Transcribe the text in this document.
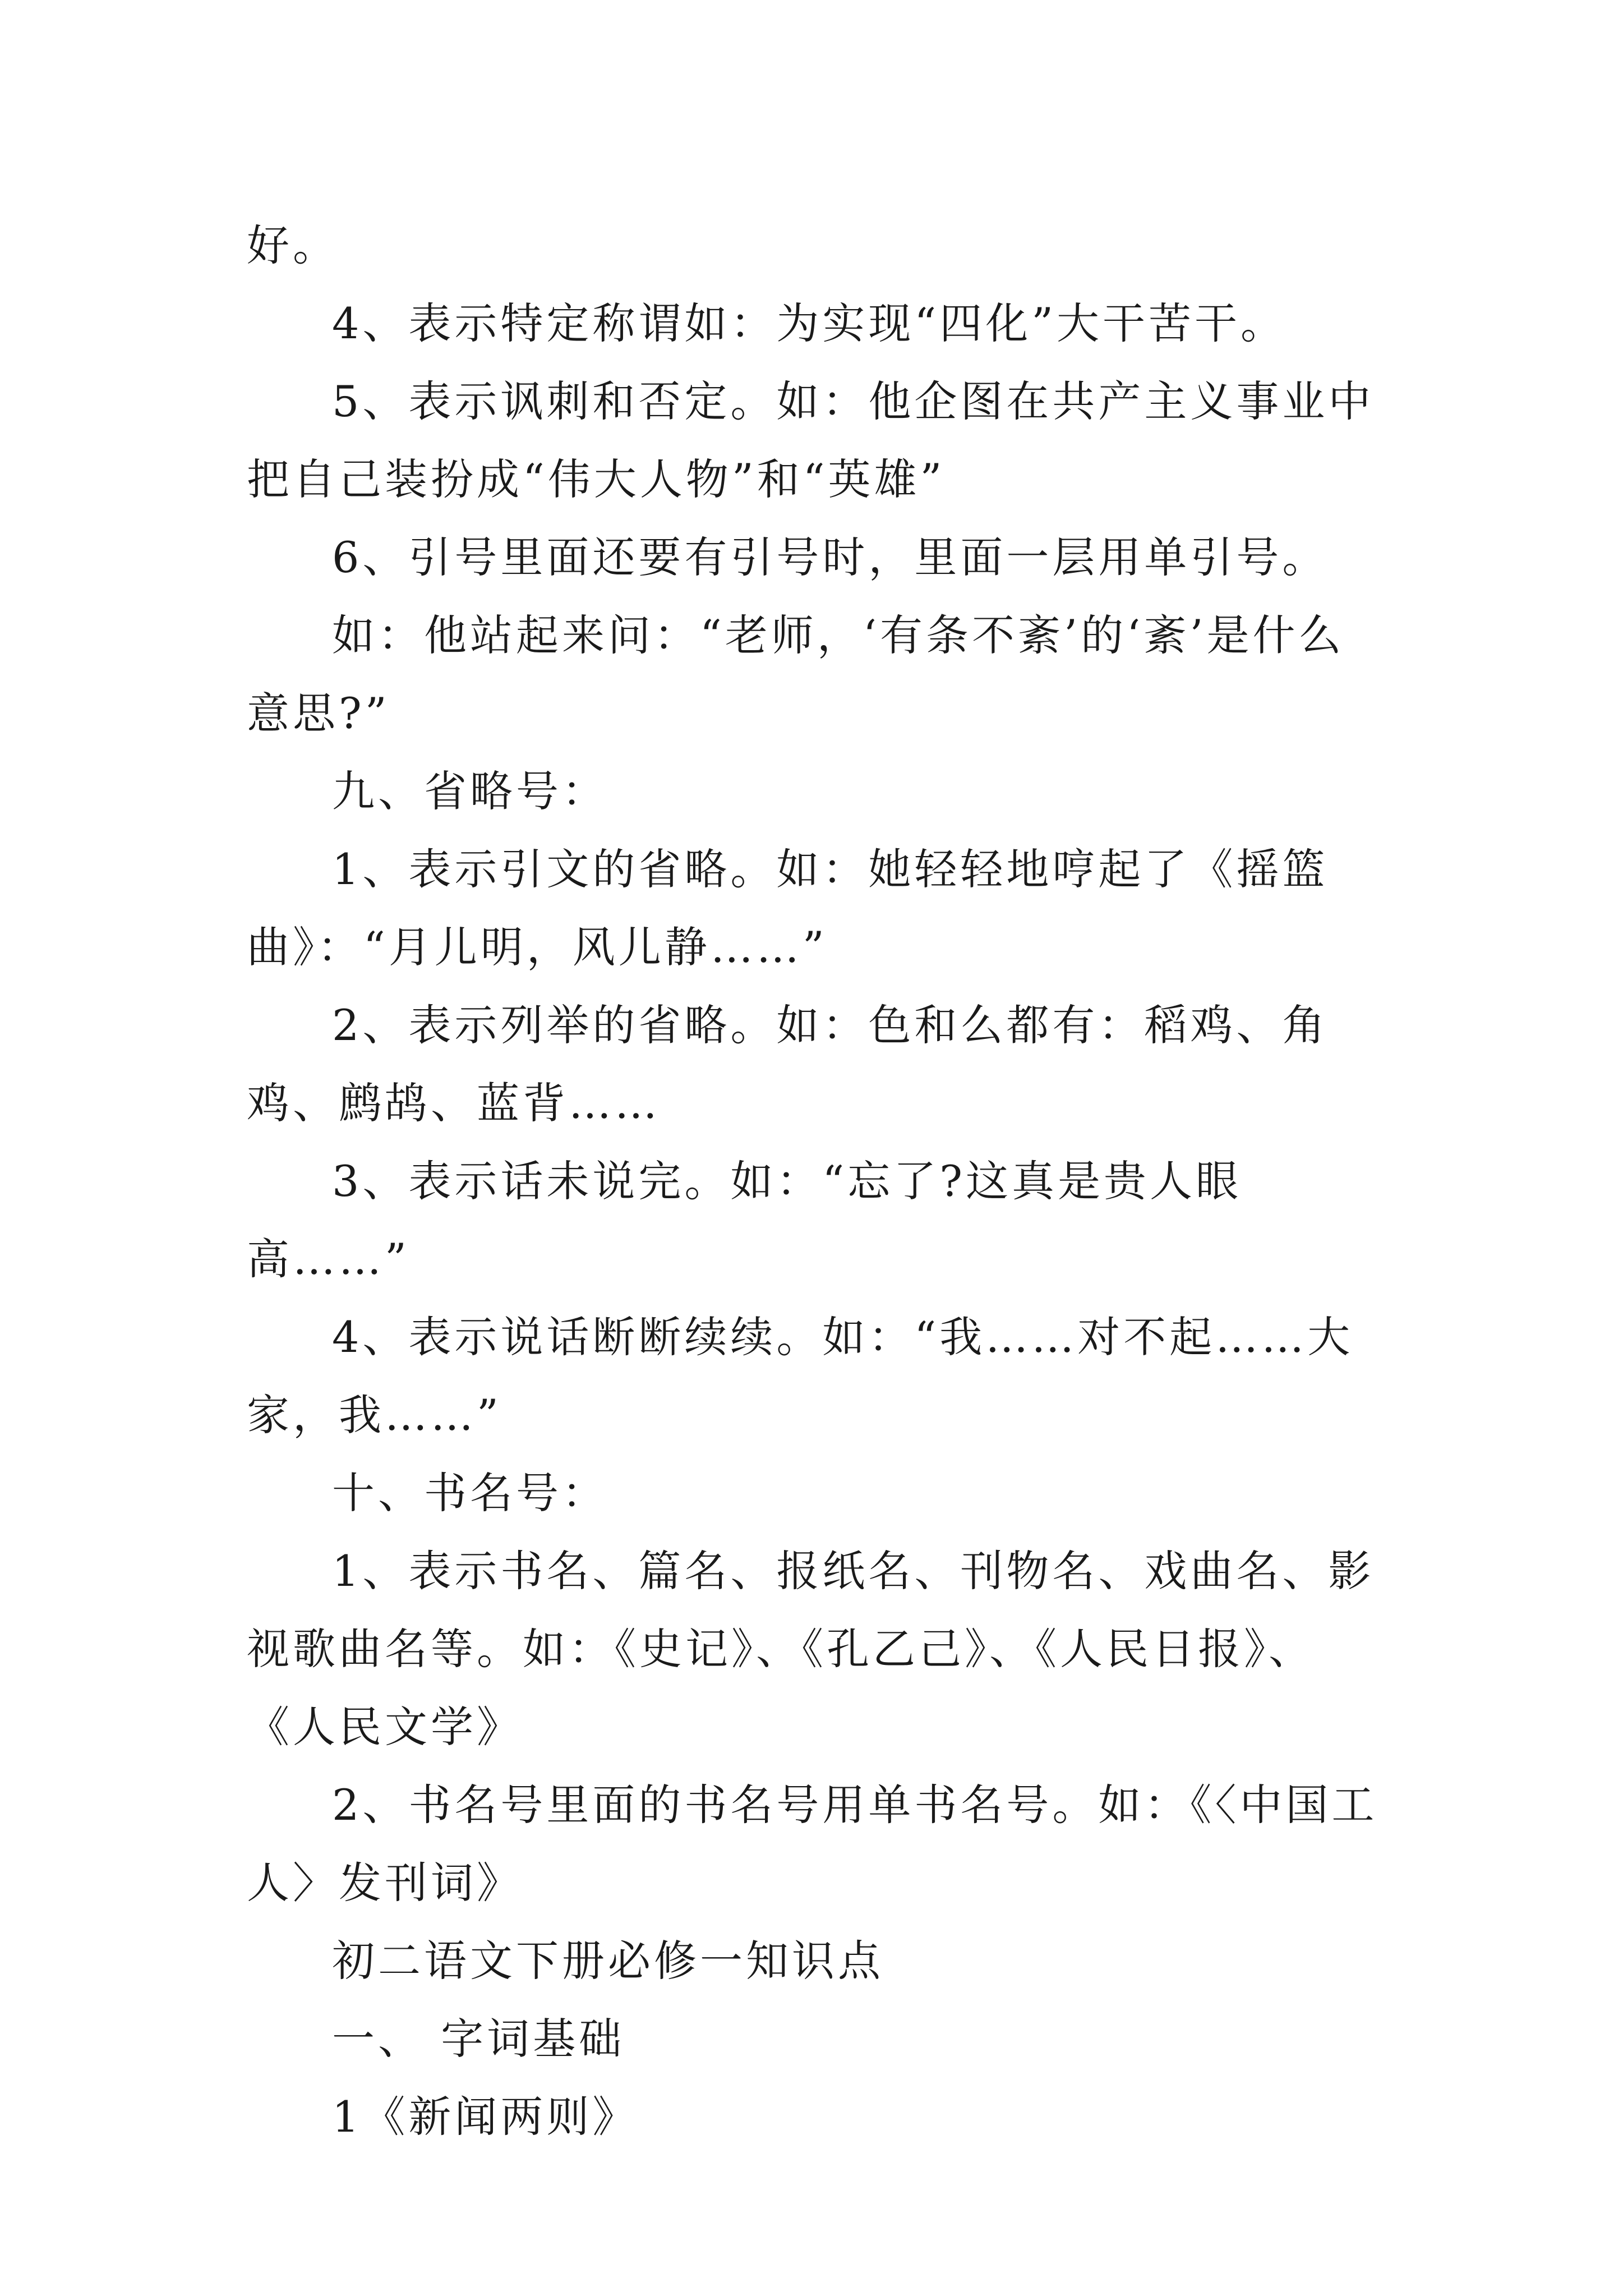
好。

4、表示特定称谓如：为实现“四化”大干苦干。

5、表示讽刺和否定。如：他企图在共产主义事业中把自己装扮成“伟大人物”和“英雄”

6、引号里面还要有引号时，里面一层用单引号。

如：他站起来问：“老师，‘有条不紊’的‘紊’是什么意思?”

九、省略号：

1、表示引文的省略。如：她轻轻地哼起了《摇篮曲》：“月儿明，风儿静……”

2、表示列举的省略。如：色和么都有：稻鸡、角鸡、鹧鸪、蓝背……

3、表示话未说完。如：“忘了?这真是贵人眼高……”

4、表示说话断断续续。如：“我……对不起……大家，我……”

十、书名号：

1、表示书名、篇名、报纸名、刊物名、戏曲名、影视歌曲名等。如：《史记》、《孔乙己》、《人民日报》、《人民文学》

2、书名号里面的书名号用单书名号。如：《〈中国工人〉发刊词》

初二语文下册必修一知识点

一、 字词基础

1《新闻两则》
